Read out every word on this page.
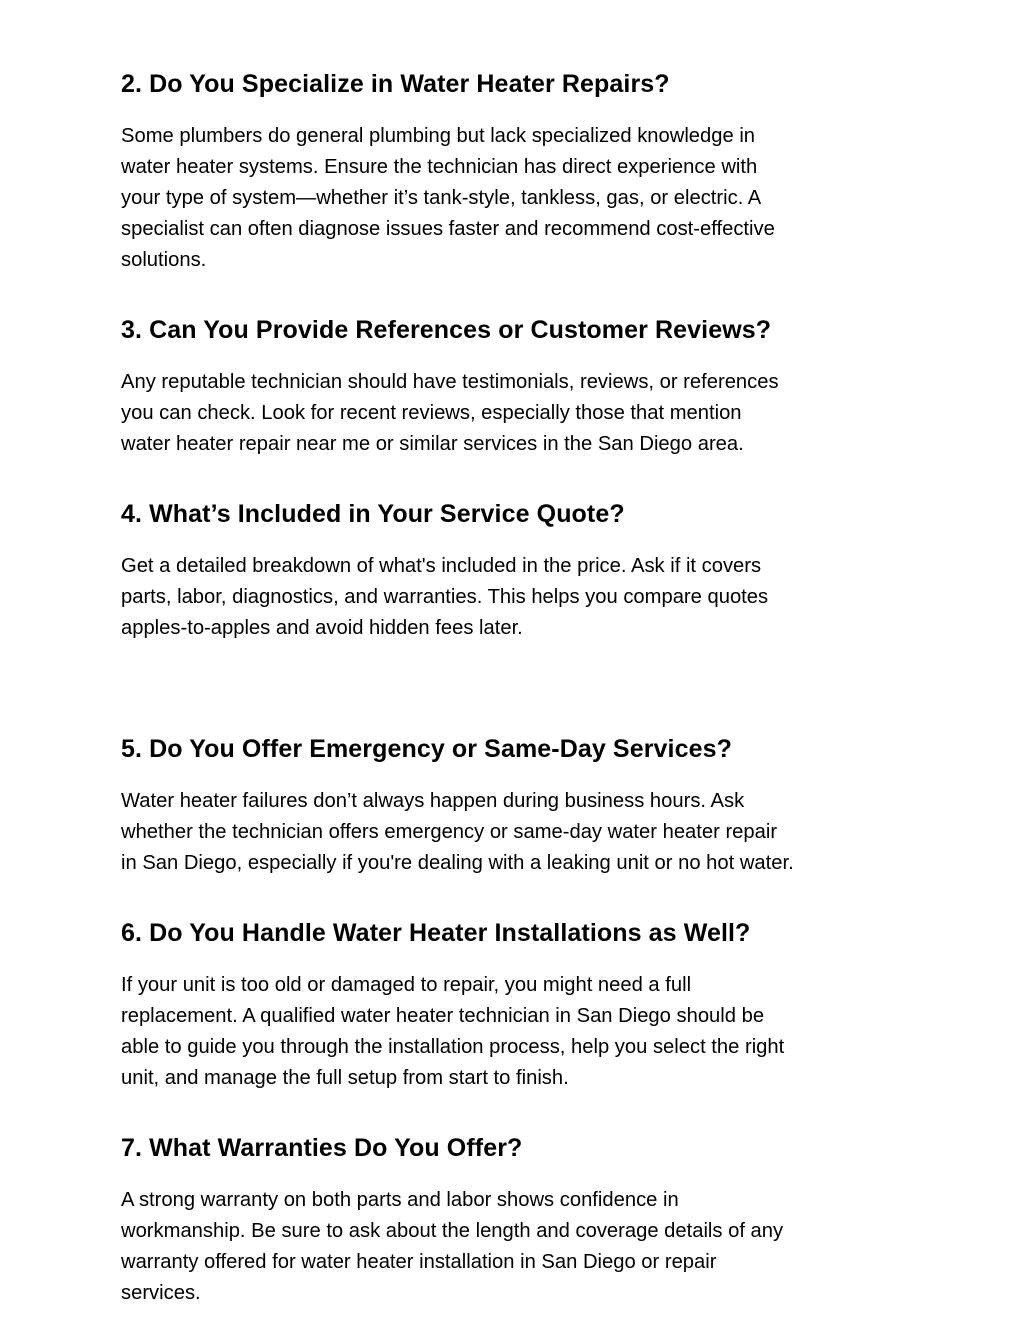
2. Do You Specialize in Water Heater Repairs?

Some plumbers do general plumbing but lack specialized knowledge in
water heater systems. Ensure the technician has direct experience with
your type of system—whether it’s tank-style, tankless, gas, or electric. A
specialist can often diagnose issues faster and recommend cost-effective
solutions.

3. Can You Provide References or Customer Reviews?

Any reputable technician should have testimonials, reviews, or references
you can check. Look for recent reviews, especially those that mention
water heater repair near me or similar services in the San Diego area.

4. What’s Included in Your Service Quote?

Get a detailed breakdown of what's included in the price. Ask if it covers
parts, labor, diagnostics, and warranties. This helps you compare quotes
apples-to-apples and avoid hidden fees later.

5. Do You Offer Emergency or Same-Day Services?

Water heater failures don’t always happen during business hours. Ask
whether the technician offers emergency or same-day water heater repair
in San Diego, especially if you're dealing with a leaking unit or no hot water.

6. Do You Handle Water Heater Installations as Well?

If your unit is too old or damaged to repair, you might need a full
replacement. A qualified water heater technician in San Diego should be
able to guide you through the installation process, help you select the right
unit, and manage the full setup from start to finish.

7. What Warranties Do You Offer?

A strong warranty on both parts and labor shows confidence in
workmanship. Be sure to ask about the length and coverage details of any
warranty offered for water heater installation in San Diego or repair
services.
